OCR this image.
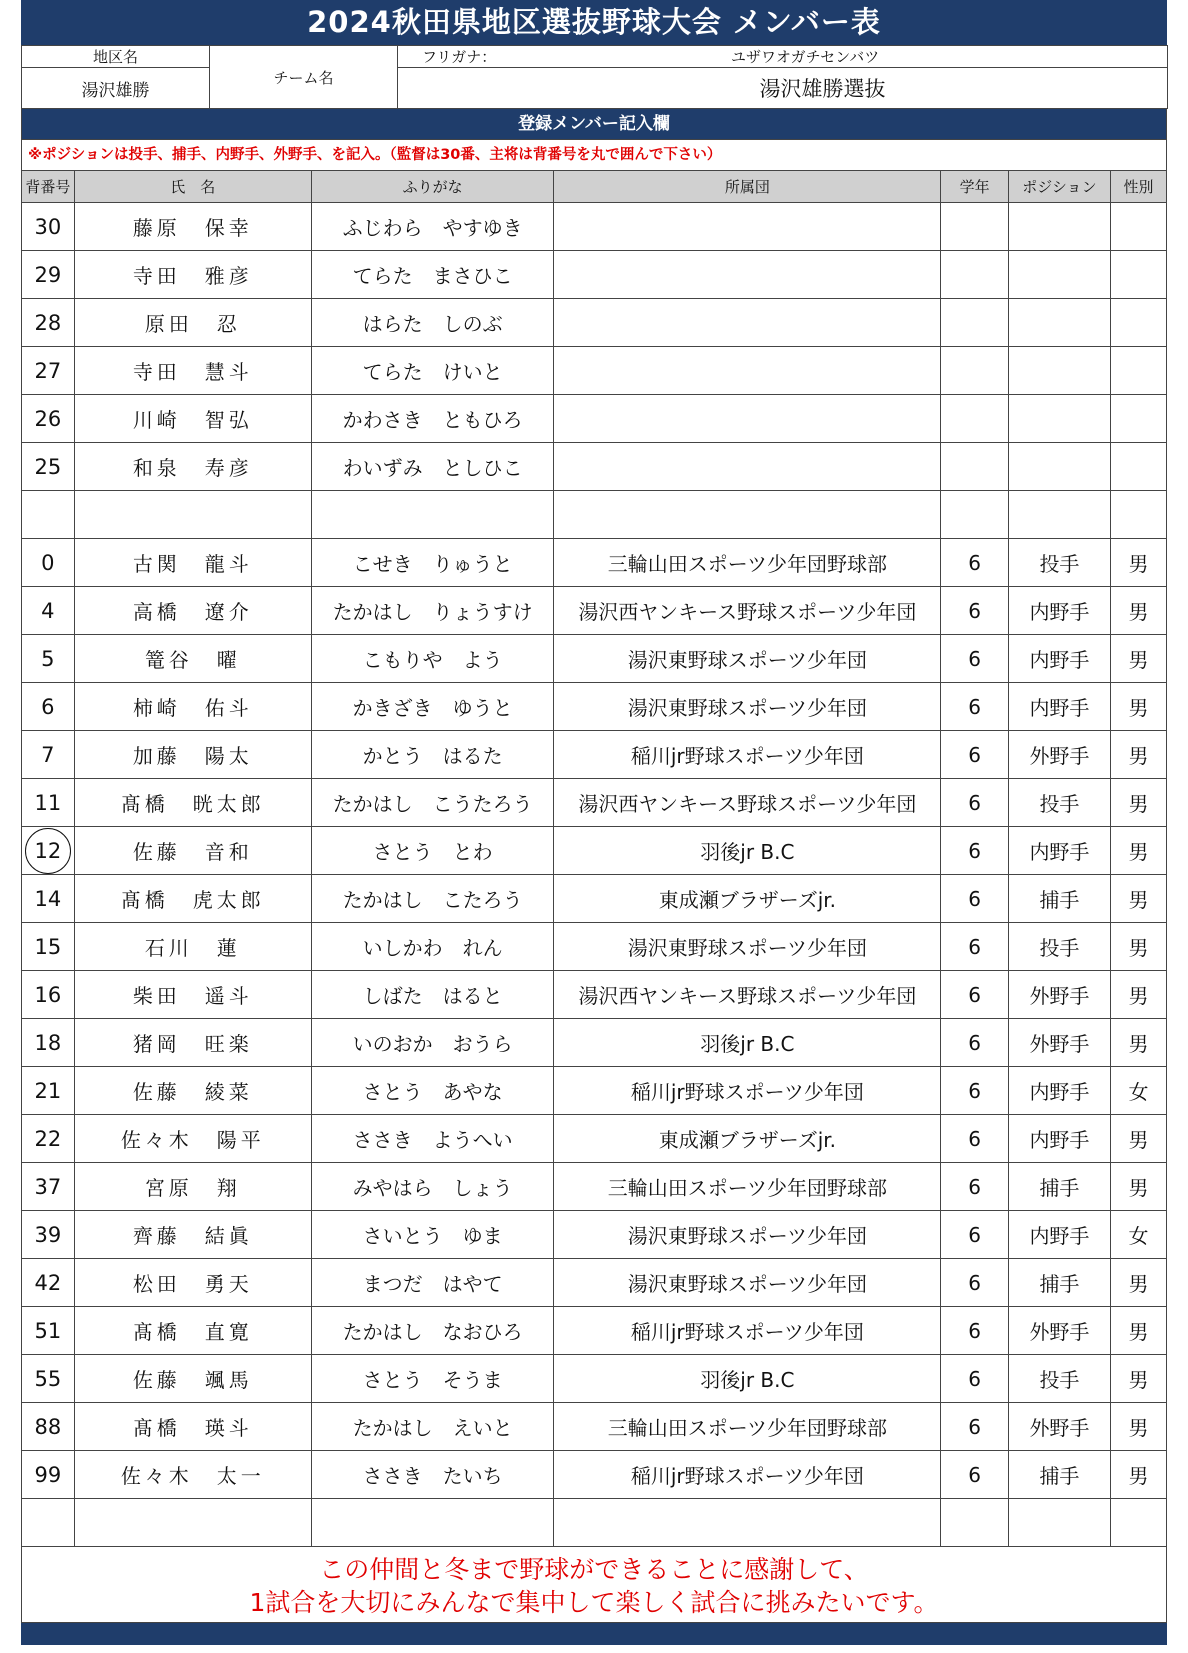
2024秋田県地区選抜野球大会 メンバー表
地区名	チーム名	フリガナ： ユザワオガチセンバツ
湯沢雄勝		湯沢雄勝選抜
登録メンバー記入欄
※ポジションは投手、捕手、内野手、外野手、を記入。（監督は30番、主将は背番号を丸で囲んで下さい）
背番号	氏　名	ふりがな	所属団	学年	ポジション	性別
30	藤原　保幸	ふじわら　やすゆき				
29	寺田　雅彦	てらた　まさひこ				
28	原田　忍	はらた　しのぶ				
27	寺田　慧斗	てらた　けいと				
26	川崎　智弘	かわさき　ともひろ				
25	和泉　寿彦	わいずみ　としひこ				

0	古関　龍斗	こせき　りゅうと	三輪山田スポーツ少年団野球部	6	投手	男
4	高橋　遼介	たかはし　りょうすけ	湯沢西ヤンキース野球スポーツ少年団	6	内野手	男
5	篭谷　曜	こもりや　よう	湯沢東野球スポーツ少年団	6	内野手	男
6	柿崎　佑斗	かきざき　ゆうと	湯沢東野球スポーツ少年団	6	内野手	男
7	加藤　陽太	かとう　はるた	稲川jr野球スポーツ少年団	6	外野手	男
11	髙橋　晄太郎	たかはし　こうたろう	湯沢西ヤンキース野球スポーツ少年団	6	投手	男
12	佐藤　音和	さとう　とわ	羽後jr B.C	6	内野手	男
14	髙橋　虎太郎	たかはし　こたろう	東成瀬ブラザーズjr.	6	捕手	男
15	石川　蓮	いしかわ　れん	湯沢東野球スポーツ少年団	6	投手	男
16	柴田　遥斗	しばた　はると	湯沢西ヤンキース野球スポーツ少年団	6	外野手	男
18	猪岡　旺楽	いのおか　おうら	羽後jr B.C	6	外野手	男
21	佐藤　綾菜	さとう　あやな	稲川jr野球スポーツ少年団	6	内野手	女
22	佐々木　陽平	ささき　ようへい	東成瀬ブラザーズjr.	6	内野手	男
37	宮原　翔	みやはら　しょう	三輪山田スポーツ少年団野球部	6	捕手	男
39	齊藤　結眞	さいとう　ゆま	湯沢東野球スポーツ少年団	6	内野手	女
42	松田　勇天	まつだ　はやて	湯沢東野球スポーツ少年団	6	捕手	男
51	髙橋　直寛	たかはし　なおひろ	稲川jr野球スポーツ少年団	6	外野手	男
55	佐藤　颯馬	さとう　そうま	羽後jr B.C	6	投手	男
88	髙橋　瑛斗	たかはし　えいと	三輪山田スポーツ少年団野球部	6	外野手	男
99	佐々木　太一	ささき　たいち	稲川jr野球スポーツ少年団	6	捕手	男

この仲間と冬まで野球ができることに感謝して、
1試合を大切にみんなで集中して楽しく試合に挑みたいです。
